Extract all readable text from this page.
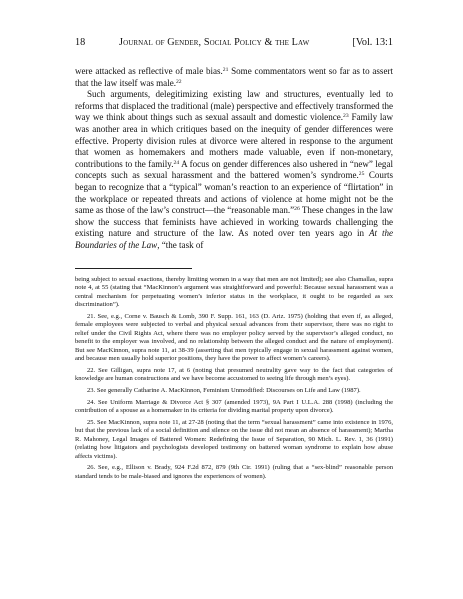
18	Journal of Gender, Social Policy & the Law	[Vol. 13:1

were attacked as reflective of male bias.$^{21}$ Some commentators went so far as to assert that the law itself was male.$^{22}$

Such arguments, delegitimizing existing law and structures, eventually led to reforms that displaced the traditional (male) perspective and effectively transformed the way we think about things such as sexual assault and domestic violence.$^{23}$ Family law was another area in which critiques based on the inequity of gender differences were effective. Property division rules at divorce were altered in response to the argument that women as homemakers and mothers made valuable, even if non-monetary, contributions to the family.$^{24}$ A focus on gender differences also ushered in “new” legal concepts such as sexual harassment and the battered women’s syndrome.$^{25}$ Courts began to recognize that a “typical” woman’s reaction to an experience of “flirtation” in the workplace or repeated threats and actions of violence at home might not be the same as those of the law’s construct—the “reasonable man.”$^{26}$ These changes in the law show the success that feminists have achieved in working towards challenging the existing nature and structure of the law. As noted over ten years ago in At the Boundaries of the Law, “the task of

being subject to sexual exactions, thereby limiting women in a way that men are not limited); see also Chamallas, supra note 4, at 55 (stating that “MacKinnon’s argument was straightforward and powerful: Because sexual harassment was a central mechanism for perpetuating women’s inferior status in the workplace, it ought to be regarded as sex discrimination”).

21. See, e.g., Corne v. Bausch & Lomb, 390 F. Supp. 161, 163 (D. Ariz. 1975) (holding that even if, as alleged, female employees were subjected to verbal and physical sexual advances from their supervisor, there was no right to relief under the Civil Rights Act, where there was no employer policy served by the supervisor’s alleged conduct, no benefit to the employer was involved, and no relationship between the alleged conduct and the nature of employment). But see MacKinnon, supra note 11, at 38-39 (asserting that men typically engage in sexual harassment against women, and because men usually hold superior positions, they have the power to affect women’s careers).

22. See Gilligan, supra note 17, at 6 (noting that presumed neutrality gave way to the fact that categories of knowledge are human constructions and we have become accustomed to seeing life through men’s eyes).

23. See generally Catharine A. MacKinnon, Feminism Unmodified: Discourses on Life and Law (1987).

24. See Uniform Marriage & Divorce Act § 307 (amended 1973), 9A Part I U.L.A. 288 (1998) (including the contribution of a spouse as a homemaker in its criteria for dividing marital property upon divorce).

25. See MacKinnon, supra note 11, at 27-28 (noting that the term “sexual harassment” came into existence in 1976, but that the previous lack of a social definition and silence on the issue did not mean an absence of harassment); Martha R. Mahoney, Legal Images of Battered Women: Redefining the Issue of Separation, 90 Mich. L. Rev. 1, 36 (1991) (relating how litigators and psychologists developed testimony on battered woman syndrome to explain how abuse affects victims).

26. See, e.g., Ellison v. Brady, 924 F.2d 872, 879 (9th Cir. 1991) (ruling that a “sex-blind” reasonable person standard tends to be male-biased and ignores the experiences of women).
